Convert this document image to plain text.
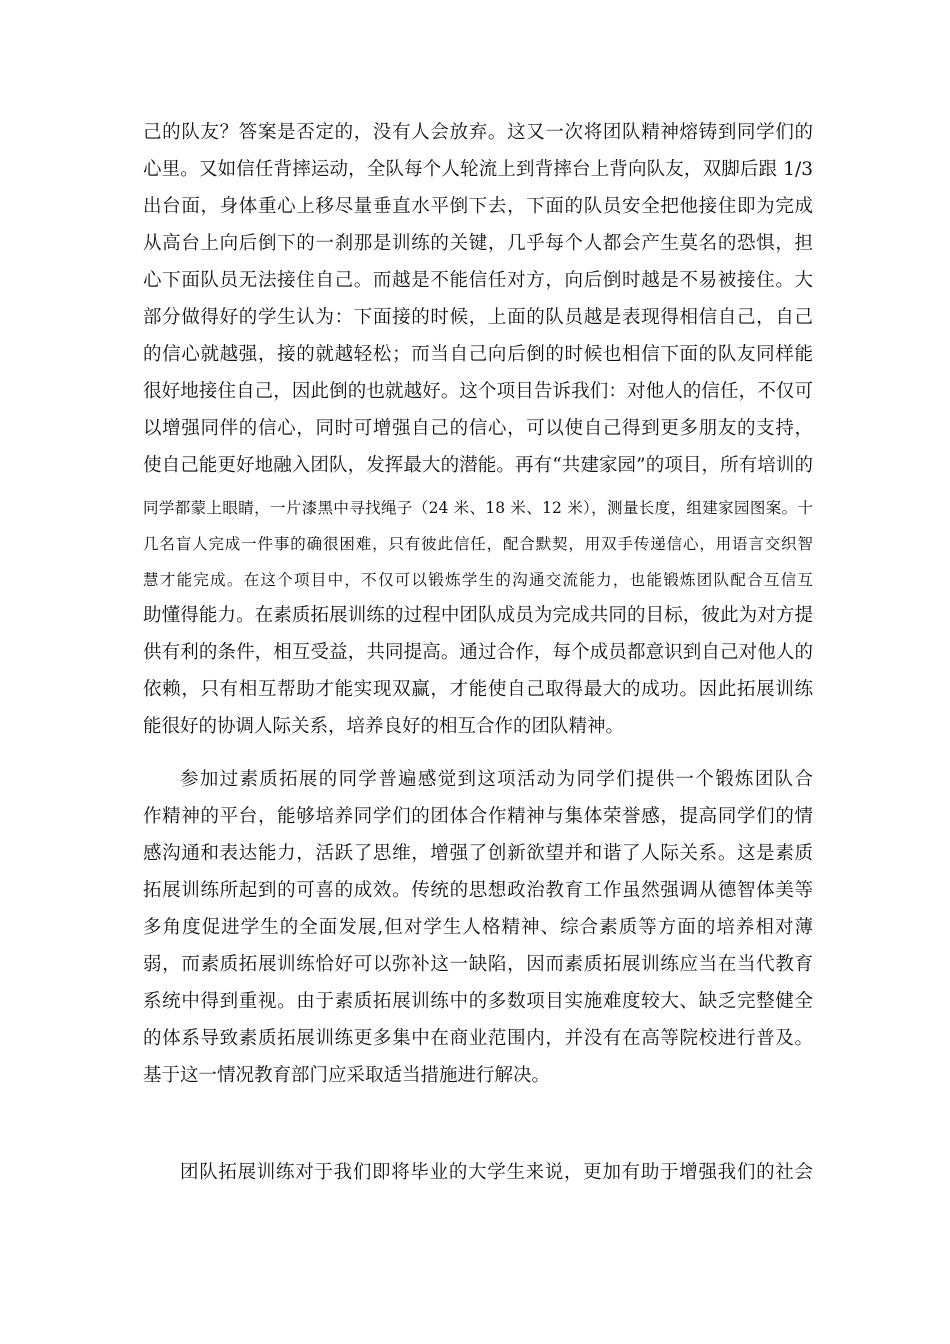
己的队友？答案是否定的，没有人会放弃。这又一次将团队精神熔铸到同学们的
心里。又如信任背摔运动，全队每个人轮流上到背摔台上背向队友，双脚后跟 1/3
出台面，身体重心上移尽量垂直水平倒下去，下面的队员安全把他接住即为完成
从高台上向后倒下的一刹那是训练的关键，几乎每个人都会产生莫名的恐惧，担
心下面队员无法接住自己。而越是不能信任对方，向后倒时越是不易被接住。大
部分做得好的学生认为：下面接的时候，上面的队员越是表现得相信自己，自己
的信心就越强，接的就越轻松；而当自己向后倒的时候也相信下面的队友同样能
很好地接住自己，因此倒的也就越好。这个项目告诉我们：对他人的信任，不仅可
以增强同伴的信心，同时可增强自己的信心，可以使自己得到更多朋友的支持，
使自己能更好地融入团队，发挥最大的潜能。再有“共建家园”的项目，所有培训的
同学都蒙上眼睛，一片漆黑中寻找绳子（24 米、18 米、12 米），测量长度，组建家园图案。十
几名盲人完成一件事的确很困难，只有彼此信任，配合默契，用双手传递信心，用语言交织智
慧才能完成。在这个项目中，不仅可以锻炼学生的沟通交流能力，也能锻炼团队配合互信互
助懂得能力。在素质拓展训练的过程中团队成员为完成共同的目标，彼此为对方提
供有利的条件，相互受益，共同提高。通过合作，每个成员都意识到自己对他人的
依赖，只有相互帮助才能实现双赢，才能使自己取得最大的成功。因此拓展训练
能很好的协调人际关系，培养良好的相互合作的团队精神。
参加过素质拓展的同学普遍感觉到这项活动为同学们提供一个锻炼团队合
作精神的平台，能够培养同学们的团体合作精神与集体荣誉感，提高同学们的情
感沟通和表达能力，活跃了思维，增强了创新欲望并和谐了人际关系。这是素质
拓展训练所起到的可喜的成效。传统的思想政治教育工作虽然强调从德智体美等
多角度促进学生的全面发展,但对学生人格精神、综合素质等方面的培养相对薄
弱，而素质拓展训练恰好可以弥补这一缺陷，因而素质拓展训练应当在当代教育
系统中得到重视。由于素质拓展训练中的多数项目实施难度较大、缺乏完整健全
的体系导致素质拓展训练更多集中在商业范围内，并没有在高等院校进行普及。
基于这一情况教育部门应采取适当措施进行解决。
团队拓展训练对于我们即将毕业的大学生来说，更加有助于增强我们的社会
